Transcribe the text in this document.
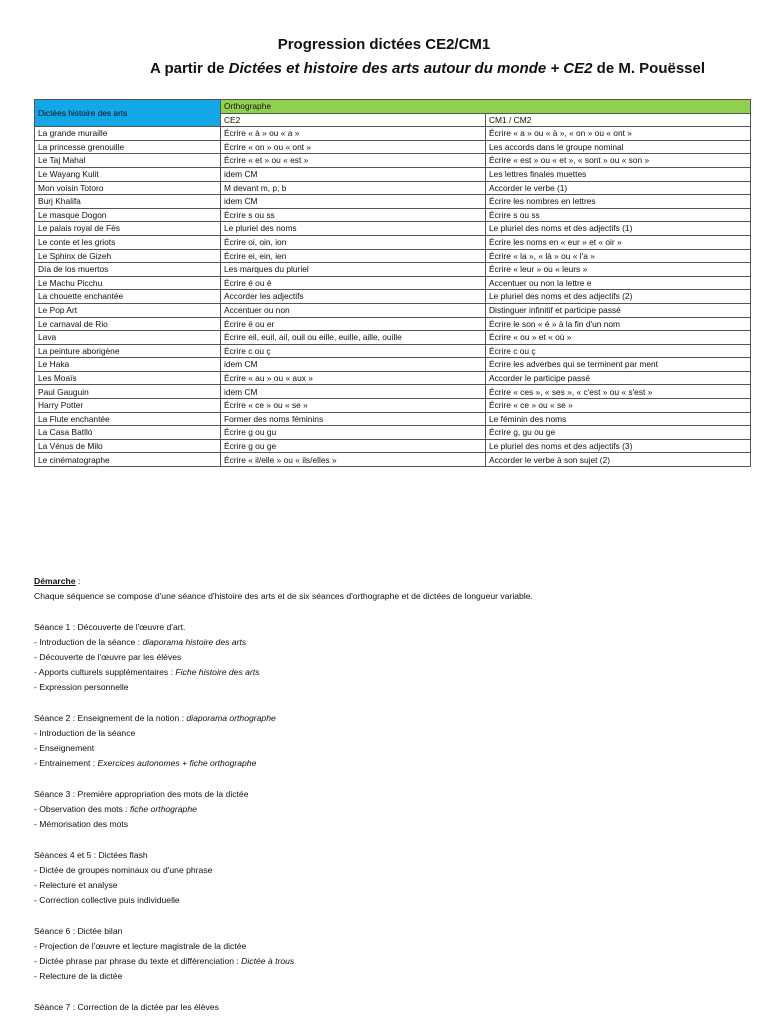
Progression dictées CE2/CM1
A partir de Dictées et histoire des arts autour du monde + CE2 de M. Pouëssel
Dictées histoire des arts	Orthographe	
	CE2	CM1 / CM2
La grande muraille	Écrire « à » ou « a »	Écrire « a » ou « à », « on » ou « ont »
La princesse grenouille	Écrire « on » ou « ont »	Les accords dans le groupe nominal
Le Taj Mahal	Écrire « et » ou « est »	Écrire « est » ou « et », « sont » ou « son »
Le Wayang Kulit	idem CM	Les lettres finales muettes
Mon voisin Totoro	M devant m, p, b	Accorder le verbe (1)
Burj Khalifa	idem CM	Écrire les nombres en lettres
Le masque Dogon	Écrire s ou ss	Écrire s ou ss
Le palais royal de Fès	Le pluriel des noms	Le pluriel des noms et des adjectifs (1)
Le conte et les griots	Écrire oi, oin, ion	Écrire les noms en « eur » et « oir »
Le Sphinx de Gizeh	Écrire ei, ein, ien	Écrire « la », « là » ou « l'a »
Día de los muertos	Les marques du pluriel	Écrire « leur » ou « leurs »
Le Machu Picchu	Écrire é ou è	Accentuer ou non la lettre e
La chouette enchantée	Accorder les adjectifs	Le pluriel des noms et des adjectifs (2)
Le Pop Art	Accentuer ou non	Distinguer infinitif et participe passé
Le carnaval de Rio	Écrire é ou er	Écrire le son « é » à la fin d'un nom
Lava	Écrire eil, euil, ail, ouil ou eille, euille, aille, ouille	Écrire « ou » et « où »
La peinture aborigène	Écrire c ou ç	Écrire c ou ç
Le Haka	idem CM	Écrire les adverbes qui se terminent par ment
Les Moaïs	Écrire « au » ou « aux »	Accorder le participe passé
Paul Gauguin	idem CM	Écrire « ces », « ses », « c'est » ou « s'est »
Harry Potter	Écrire « ce » ou « se »	Écrire « ce » ou « se »
La Flute enchantée	Former des noms féminins	Le féminin des noms
La Casa Batlló	Écrire g ou gu	Écrire g, gu ou ge
La Vénus de Milo	Écrire g ou ge	Le pluriel des noms et des adjectifs (3)
Le cinématographe	Écrire « il/elle » ou « ils/elles »	Accorder le verbe à son sujet (2)

Démarche :

Chaque séquence se compose d'une séance d'histoire des arts et de six séances d'orthographe et de dictées de longueur variable.

Séance 1 : Découverte de l'œuvre d'art.

- Introduction de la séance : diaporama histoire des arts

- Découverte de l'œuvre par les élèves

- Apports culturels supplémentaires : Fiche histoire des arts

- Expression personnelle

Séance 2 : Enseignement de la notion : diaporama orthographe

- Introduction de la séance

- Enseignement

- Entrainement : Exercices autonomes + fiche orthographe

Séance 3 : Première appropriation des mots de la dictée

- Observation des mots : fiche orthographe

- Mémorisation des mots

Séances 4 et 5 : Dictées flash

- Dictée de groupes nominaux ou d'une phrase

- Relecture et analyse

- Correction collective puis individuelle

Séance 6 : Dictée bilan

- Projection de l'œuvre et lecture magistrale de la dictée

- Dictée phrase par phrase du texte et différenciation : Dictée à trous

- Relecture de la dictée

Séance 7 : Correction de la dictée par les élèves
